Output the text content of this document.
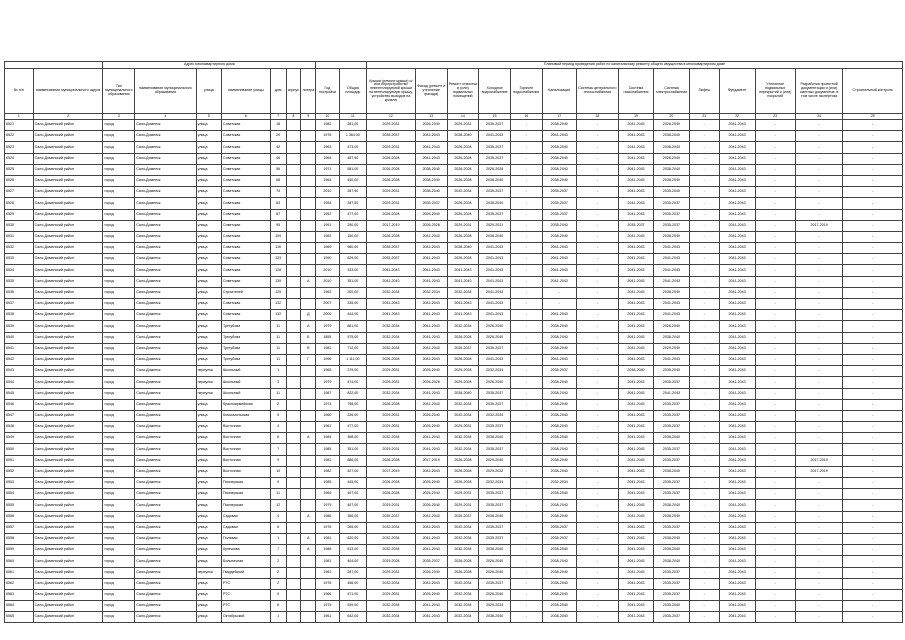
		Адрес многоквартирного дома									Плановый период проведения работ по капитальному ремонту общего имущества в многоквартирном доме													
№ п/п	наименование муниципального округа	Тип муниципального образования	наименование муниципального образования	улица	наименование улицы	дом	корпус	литера	Год постройки	Общая площадь	Крыша (ремонт крыши) и/или переустройство невентилируемой крыши на вентилируемую крышу, устройство выходов на кровлю	Фасад (ремонт и утепление фасада)	Ремонт отмостки и (или) подвальных помещений	Холодное водоснабжение	Горячее водоснабжение	Канализация	Система центрального теплоснабжения	Система газоснабжения	Система электроснабжения	Лифты	Фундамент	Утепление подвальных перекрытий и (или) покрытий	Разработка проектной документации и (или) сметных документов, в том числе экспертиза	Строительный контроль
1	2	3	4	5	6	7	8	9	10	11	12	13	14	15	16	17	18	19	20	21	22	23	24	25
6521	Сало-Доменский район	город	Сало-Доменск	улица	Советская	18			1982	281,00	2029-2031	2026-2040	2029-2031	2035-2037	-	2038-2040	-	2041-2043	2026-2040	-	2041-2043	-	-	-
6522	Сало-Доменский район	город	Сало-Доменск	улица	Советская	20			1976	1 364,00	2035-2037	2041-2043	2038-2040	2041-2043	-	2041-2043	-	2041-2043	2038-2040	-	2041-2043	-	-	-
6523	Сало-Доменский район	город	Сало-Доменск	улица	Советская	42			1963	473,00	2029-2031	2041-2043	2026-2028	2035-2037	-	2038-2040	-	2041-2043	2038-2040	-	2041-2043	-	-	-
6524	Сало-Доменский район	город	Сало-Доменск	улица	Советская	46			1964	467,90	2026-2028	2041-2043	2026-2028	2035-2037	-	2038-2040	-	2041-2043	2026-2040	-	2041-2043	-	-	-
6525	Сало-Доменский район	город	Сало-Доменск	улица	Советская	56			1971	581,00	2026-2028	2038-2040	2026-2028	2026-2028	-	2038-2040	-	2041-2043	2038-2040	-	2041-2043	-	-	-
6526	Сало-Доменский район	город	Сало-Доменск	улица	Советская	68			1964	440,00	2026-2028	2038-2040	2026-2028	2038-2040	-	2038-2040	-	2041-2043	2038-2040	-	2041-2043	-	-	-
6527	Сало-Доменский район	город	Сало-Доменск	улица	Советская	74			2010	287,90	2029-2031	2038-2040	2032-2034	2035-2037	-	2035-2037	-	2041-2043	2035-2040	-	2041-2043	-	-	-
6528	Сало-Доменский район	город	Сало-Доменск	улица	Советская	83			1954	287,50	2029-2031	2035-2037	2026-2028	2038-2040	-	2035-2037	-	2041-2043	2035-2037	-	2041-2043	-	-	-
6529	Сало-Доменский район	город	Сало-Доменск	улица	Советская	87			1952	477,00	2026-2028	2026-2040	2026-2028	2035-2037	-	2035-2037	-	2041-2043	2035-2037	-	2041-2043	-	-	-
6530	Сало-Доменский район	город	Сало-Доменск	улица	Советская	95			1991	290,00	2017-2019	2026-2028	2029-2031	2029-2031	-	2035-2040	-	2035-2037	2035-2037	-	2041-2043	-	2017-2019	-
6531	Сало-Доменский район	город	Сало-Доменск	улица	Советская	109			1983	150,00	2026-2028	2041-2043	2026-2028	2038-2040	-	2038-2040	-	2041-2043	2038-2040	-	2041-2043	-	-	-
6532	Сало-Доменский район	город	Сало-Доменск	улица	Советская	116			1969	980,00	2035-2037	2041-2043	2038-2040	2041-2043	-	2041-2043	-	2041-2043	2041-2043	-	2041-2043	-	-	-
6533	Сало-Доменский район	город	Сало-Доменск	улица	Советская	123			1990	629,00	2035-2037	2041-2043	2026-2028	2041-2043	-	2041-2043	-	2041-2043	2041-2043	-	2041-2043	-	-	-
6534	Сало-Доменский район	город	Сало-Доменск	улица	Советская	128			2010	333,00	2041-2043	2041-2043	2041-2043	2041-2043	-	2041-2043	-	2041-2043	2041-2043	-	2041-2043	-	-	-
6535	Сало-Доменский район	город	Сало-Доменск	улица	Советская	139		А	2010	351,00	2041-2043	2041-2043	2041-2043	2041-2043	-	2041-2043	-	2041-2043	2041-2043	-	2041-2043	-	-	-
6536	Сало-Доменский район	город	Сало-Доменск	улица	Строителей	125			1963	200,00	2032-2034	2032-2034	2032-2034	2041-2043	-	-	-	2041-2043	2038-2040	-	2041-2043	-	-	-
6537	Сало-Доменский район	город	Сало-Доменск	улица	Советская	132			2007	335,00	2041-2043	2041-2043	2041-2043	2041-2043	-	-	-	2041-2043	2041-2043	-	2041-2043	-	-	-
6538	Сало-Доменский район	город	Сало-Доменск	улица	Советская	132		Д	2009	444,00	2041-2043	2041-2043	2041-2043	2041-2043	-	2041-2043	-	2041-2043	2041-2043	-	2041-2043	-	-	-
6539	Сало-Доменский район	город	Сало-Доменск	улица	Трегубова	11		А	1979	861,00	2032-2034	2041-2043	2032-2034	2026-2040	-	2038-2040	-	2041-2043	2026-2040	-	2041-2043	-	-	-
6540	Сало-Доменский район	город	Сало-Доменск	улица	Трегубова	11		Б	1855	575,00	2032-2034	2041-2043	2026-2028	2026-2040	-	2038-2040	-	2041-2043	2038-2040	-	2041-2043	-	-	-
6541	Сало-Доменский район	город	Сало-Доменск	улица	Трегубова	11		В	1981	712,00	2032-2034	2041-2043	2035-2037	2035-2037	-	2038-2040	-	2041-2043	2029-2040	-	2041-2043	-	-	-
6542	Сало-Доменский район	город	Сало-Доменск	улица	Трегубова	11		Г	1996	1 111,00	2026-2028	2041-2043	2026-2028	2041-2043	-	2041-2043	-	2041-2043	2041-2043	-	2041-2043	-	-	-
6543	Сало-Доменский район	город	Сало-Доменск	переулок	Школьный	1			1965	379,00	2029-2031	2026-2040	2029-2028	2032-2034	-	2035-2037	-	2038-2040	2035-2040	-	2041-2043	-	-	-
6544	Сало-Доменский район	город	Сало-Доменск	переулок	Школьный	3			1979	474,00	2029-2031	2026-2028	2029-2028	2026-2040	-	2038-2040	-	2041-2043	2035-2037	-	2041-2043	-	-	-
6545	Сало-Доменский район	город	Сало-Доменск	переулок	Школьный	11			1987	822,00	2032-2034	2041-2043	2038-2040	2035-2037	-	2038-2040	-	2041-2043	2041-2043	-	2041-2043	-	-	-
6546	Сало-Доменский район	город	Сало-Доменск	улица	Красноармейская	2			1974	798,00	2026-2028	2041-2043	2032-2034	2035-2037	-	2038-2040	-	2041-2043	2035-2037	-	2041-2043	-	-	-
6547	Сало-Доменский район	город	Сало-Доменск	улица	Комсомольская	5			1960	226,00	2029-2031	2026-2040	2032-2034	2032-2034	-	2038-2040	-	2041-2043	2035-2037	-	2041-2043	-	-	-
6548	Сало-Доменский район	город	Сало-Доменск	улица	Восточная	4			1961	477,00	2029-2031	2026-2040	2029-2031	2035-2037	-	2038-2040	-	2041-2043	2035-2037	-	2041-2043	-	-	-
6549	Сало-Доменский район	город	Сало-Доменск	улица	Восточная	6		А	1984	368,00	2032-2034	2041-2043	2032-2034	2038-2040	-	2038-2040	-	2041-2043	2038-2040	-	2041-2043	-	-	-
6550	Сало-Доменский район	город	Сало-Доменск	улица	Восточная	7			1985	351,00	2029-2031	2041-2043	2032-2034	2035-2037	-	2038-2040	-	2041-2043	2035-2037	-	2041-2043	-	-	-
6551	Сало-Доменский район	город	Сало-Доменск	улица	Восточная	9			1981	886,00	2026-2028	2017-2019	2026-2028	2029-2040	-	2038-2040	-	2041-2043	2035-2037	-	2041-2043	-	2017-2019	-
6552	Сало-Доменский район	город	Сало-Доменск	улица	Восточная	10			1982	527,00	2017-2019	2041-2043	2026-2028	2029-2032	-	2038-2040	-	2041-2043	2038-2040	-	2041-2043	-	2017-2019	-
6553	Сало-Доменский район	город	Сало-Доменск	улица	Пионерская	9			1985	445,00	2026-2028	2026-2040	2026-2028	2032-2034	-	2032-2034	-	2041-2043	2035-2037	-	2041-2043	-	-	-
6554	Сало-Доменский район	город	Сало-Доменск	улица	Пионерская	11			1969	407,00	2026-2028	2026-2040	2029-2031	2035-2037	-	2038-2040	-	2041-2043	2035-2037	-	2041-2043	-	-	-
6555	Сало-Доменский район	город	Сало-Доменск	улица	Пионерская	12			1979	407,00	2029-2031	2026-2040	2029-2031	2035-2037	-	2038-2040	-	2041-2043	2038-2040	-	2041-2043	-	-	-
6556	Сало-Доменский район	город	Сало-Доменск	улица	Садовая	4		А	1986	356,00	2035-2037	2041-2043	2035-2037	2038-2040	-	2038-2040	-	2041-2043	2038-2040	-	2041-2043	-	-	-
6557	Сало-Доменский район	город	Сало-Доменск	улица	Садовая	6			1976	265,00	2032-2034	2041-2043	2032-2034	2035-2037	-	2035-2037	-	2041-2043	2035-2037	-	2041-2043	-	-	-
6558	Сало-Доменский район	город	Сало-Доменск	улица	Полевая	1		А	1981	820,00	2032-2034	2041-2043	2032-2034	2035-2037	-	2035-2037	-	2041-2043	2038-2040	-	2041-2043	-	-	-
6559	Сало-Доменский район	город	Сало-Доменск	улица	Кулешова	7		А	1986	513,00	2032-2034	2041-2043	2032-2034	2038-2040	-	2038-2040	-	2041-2043	2038-2040	-	2041-2043	-	-	-
6560	Сало-Доменский район	город	Сало-Доменск	улица	Больничная	2			1981	404,00	2029-2028	2035-2037	2026-2028	2026-2040	-	2038-2040	-	2041-2043	2038-2040	-	2041-2043	-	-	-
6561	Сало-Доменский район	город	Сало-Доменск	переулок	Гвардейский	2			1962	287,00	2029-2031	2026-2040	2026-2028	2026-2040	-	2038-2040	-	2041-2043	2035-2037	-	2041-2043	-	-	-
6562	Сало-Доменский район	город	Сало-Доменск	улица	РТС	2			1976	456,00	2032-2034	2041-2043	2032-2034	2035-2037	-	2038-2040	-	2041-2043	2035-2037	-	2041-2043	-	-	-
6563	Сало-Доменский район	город	Сало-Доменск	улица	РТС	5			1966	471,00	2029-2031	2026-2040	2032-2034	2026-2040	-	2038-2040	-	2041-2043	2035-2037	-	2041-2043	-	-	-
6564	Сало-Доменский район	город	Сало-Доменск	улица	РТС	6			1975	539,00	2032-2034	2041-2043	2032-2034	2029-2034	-	2038-2040	-	2041-2043	2035-2040	-	2041-2043	-	-	-
6565	Сало-Доменский район	город	Сало-Доменск	улица	Октябрьский	1			1961	642,00	2032-2034	2041-2043	2032-2034	2038-2040	-	2038-2040	-	2041-2043	2035-2037	-	2041-2043	-	-	-
